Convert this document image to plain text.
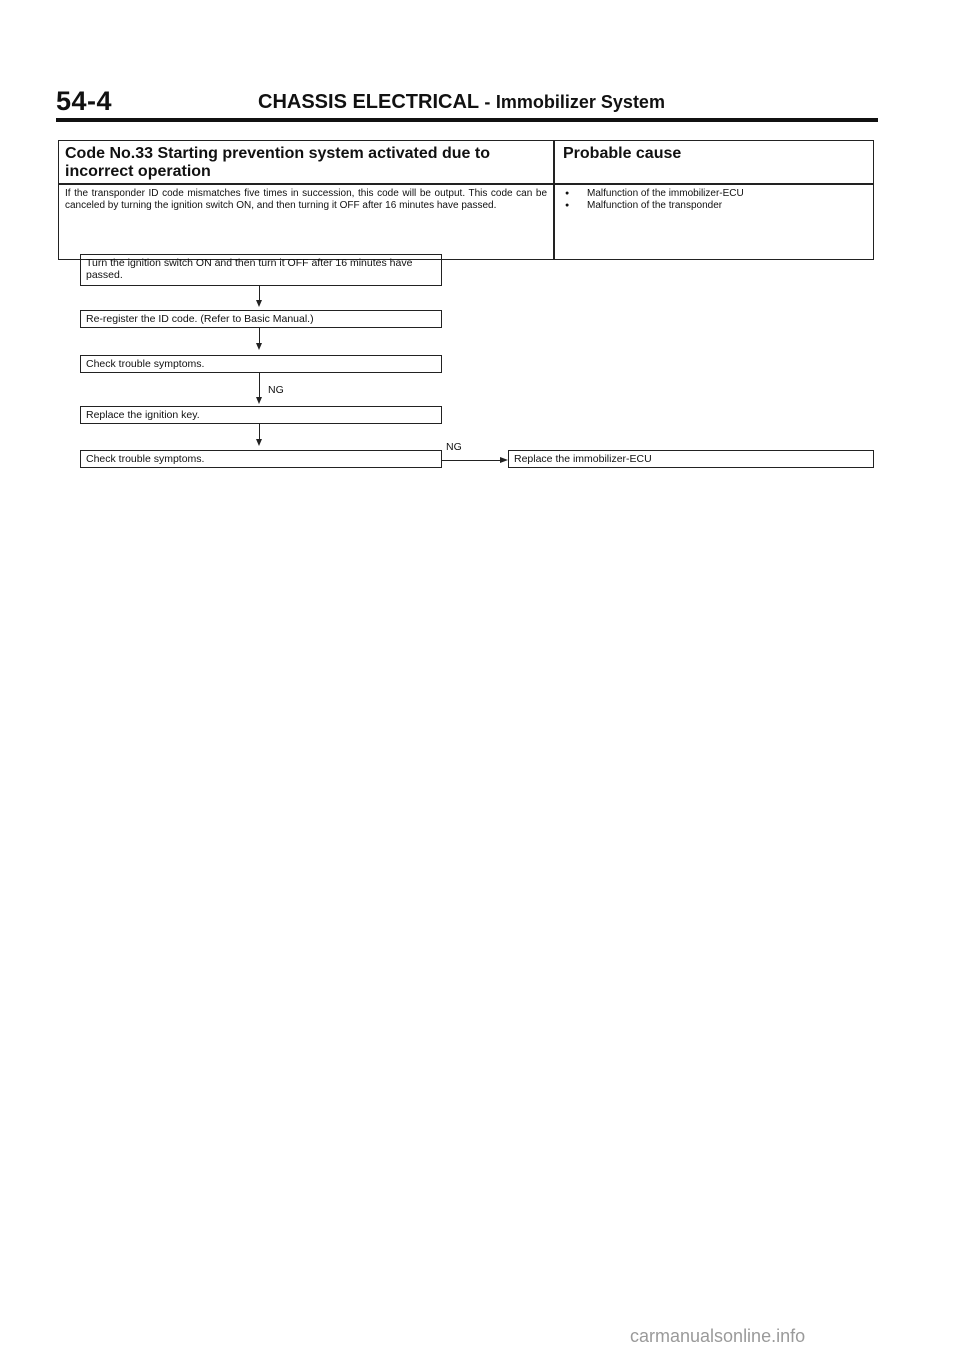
54-4	CHASSIS ELECTRICAL - Immobilizer System
Code No.33 Starting prevention system activated due to incorrect operation
Probable cause
If the transponder ID code mismatches five times in succession, this code will be output. This code can be canceled by turning the ignition switch ON, and then turning it OFF after 16 minutes have passed.
● Malfunction of the immobilizer-ECU
● Malfunction of the transponder
Turn the ignition switch ON and then turn it OFF after 16 minutes have passed.
Re-register the ID code. (Refer to Basic Manual.)
Check trouble symptoms.
NG
Replace the ignition key.
Check trouble symptoms.
NG
Replace the immobilizer-ECU
carmanualsonline.info
